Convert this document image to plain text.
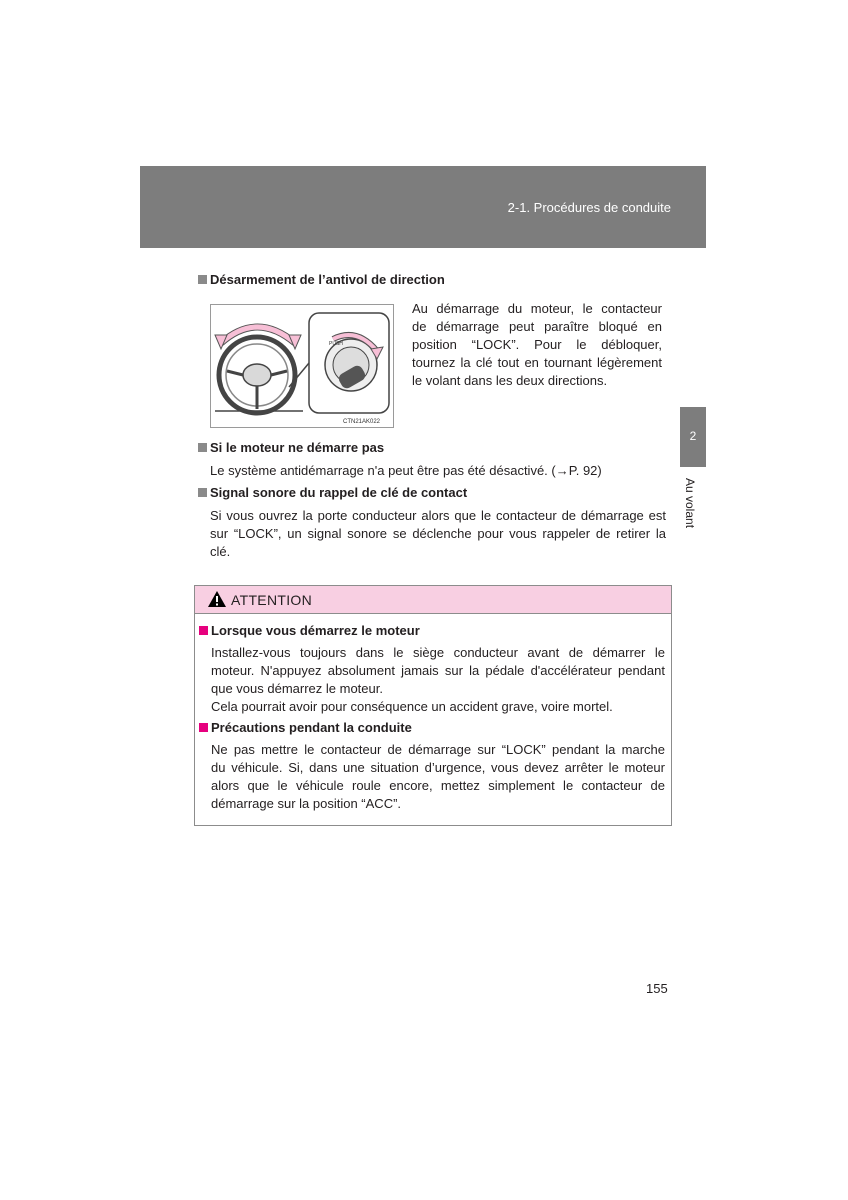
2-1. Procédures de conduite
2
Au volant
Désarmement de l’antivol de direction
PUSH
CTN21AK022
Au démarrage du moteur, le contacteur
de démarrage peut paraître bloqué en
position “LOCK”. Pour le débloquer,
tournez la clé tout en tournant légèrement
le volant dans les deux directions.
Si le moteur ne démarre pas
Le système antidémarrage n'a peut être pas été désactivé. (→P. 92)
Signal sonore du rappel de clé de contact
Si vous ouvrez la porte conducteur alors que le contacteur de démarrage est
sur “LOCK”, un signal sonore se déclenche pour vous rappeler de retirer la
clé.
ATTENTION
Lorsque vous démarrez le moteur
Installez-vous toujours dans le siège conducteur avant de démarrer le
moteur. N'appuyez absolument jamais sur la pédale d'accélérateur pendant
que vous démarrez le moteur.
Cela pourrait avoir pour conséquence un accident grave, voire mortel.
Précautions pendant la conduite
Ne pas mettre le contacteur de démarrage sur “LOCK” pendant la marche
du véhicule. Si, dans une situation d’urgence, vous devez arrêter le moteur
alors que le véhicule roule encore, mettez simplement le contacteur de
démarrage sur la position “ACC”.
155
